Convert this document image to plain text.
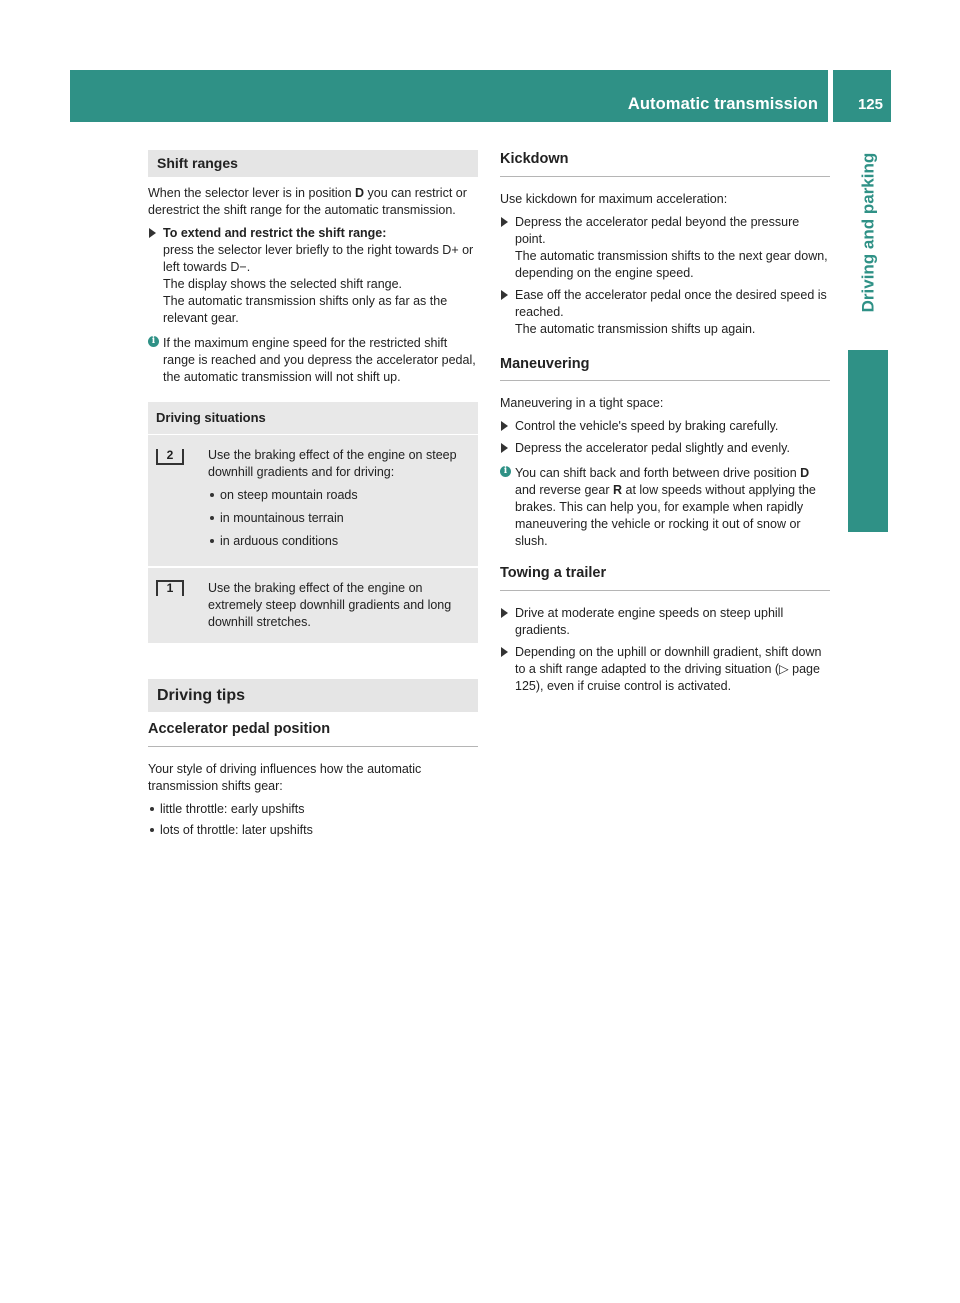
Automatic transmission	125
Driving and parking
Shift ranges

When the selector lever is in position D you can restrict or derestrict the shift range for the automatic transmission.

To extend and restrict the shift range:
press the selector lever briefly to the right towards D+ or left towards D−.
The display shows the selected shift range.
The automatic transmission shifts only as far as the relevant gear.
i If the maximum engine speed for the restricted shift range is reached and you depress the accelerator pedal, the automatic transmission will not shift up.
Driving situations
2	Use the braking effect of the engine on steep downhill gradients and for driving:
on steep mountain roads
in mountainous terrain
in arduous conditions
1	Use the braking effect of the engine on extremely steep downhill gradients and long downhill stretches.
Driving tips
Accelerator pedal position

Your style of driving influences how the automatic transmission shifts gear:

little throttle: early upshifts
lots of throttle: later upshifts
Kickdown

Use kickdown for maximum acceleration:

Depress the accelerator pedal beyond the pressure point.
The automatic transmission shifts to the next gear down, depending on the engine speed.
Ease off the accelerator pedal once the desired speed is reached.
The automatic transmission shifts up again.
Maneuvering

Maneuvering in a tight space:

Control the vehicle's speed by braking carefully.
Depress the accelerator pedal slightly and evenly.
i You can shift back and forth between drive position D and reverse gear R at low speeds without applying the brakes. This can help you, for example when rapidly maneuvering the vehicle or rocking it out of snow or slush.
Towing a trailer
Drive at moderate engine speeds on steep uphill gradients.
Depending on the uphill or downhill gradient, shift down to a shift range adapted to the driving situation (▷ page 125), even if cruise control is activated.
